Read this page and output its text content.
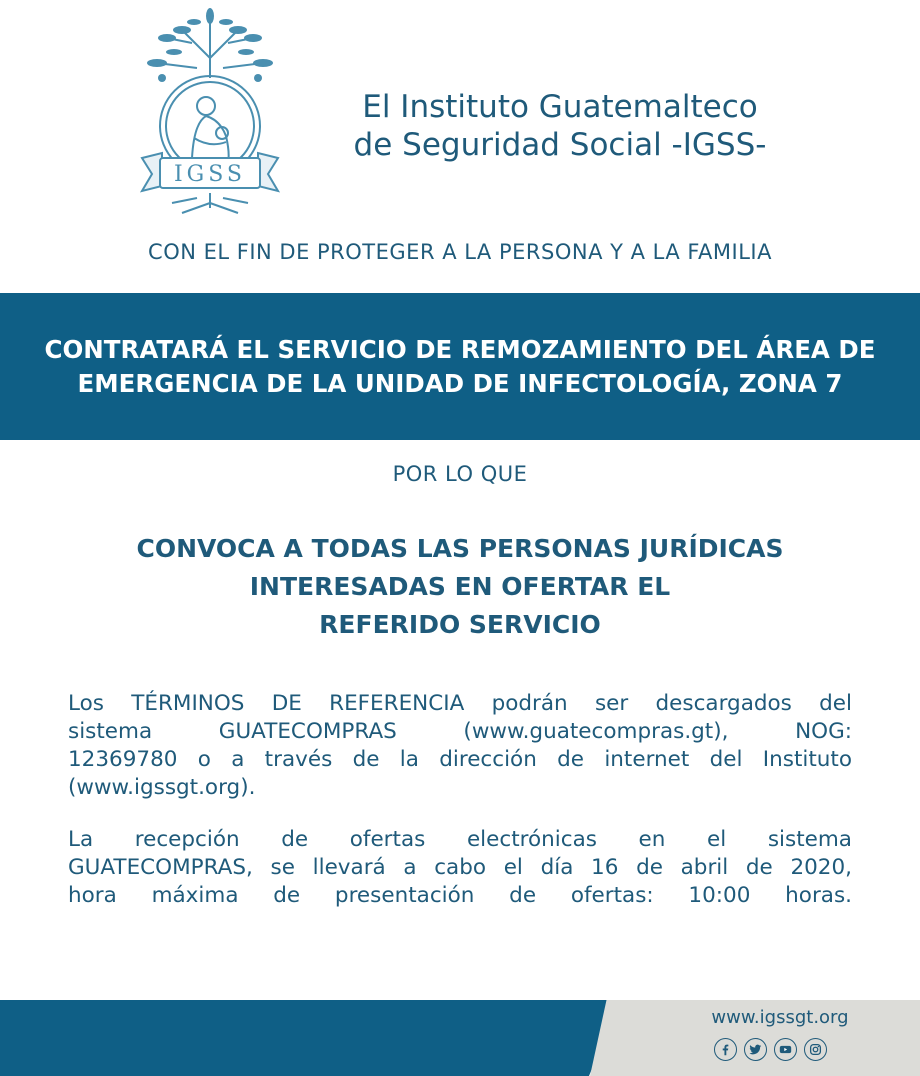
IGSS
El Instituto Guatemalteco
de Seguridad Social -IGSS-
CON EL FIN DE PROTEGER A LA PERSONA Y A LA FAMILIA
CONTRATARÁ EL SERVICIO DE REMOZAMIENTO DEL ÁREA DE
EMERGENCIA DE LA UNIDAD DE INFECTOLOGÍA, ZONA 7
POR LO QUE
CONVOCA A TODAS LAS PERSONAS JURÍDICAS
INTERESADAS EN OFERTAR EL
REFERIDO SERVICIO
Los TÉRMINOS DE REFERENCIA podrán ser descargados del
sistema GUATECOMPRAS (www.guatecompras.gt), NOG:
12369780 o a través de la dirección de internet del Instituto
(www.igssgt.org).
La recepción de ofertas electrónicas en el sistema
GUATECOMPRAS, se llevará a cabo el día 16 de abril de 2020,
hora máxima de presentación de ofertas: 10:00 horas.
www.igssgt.org
